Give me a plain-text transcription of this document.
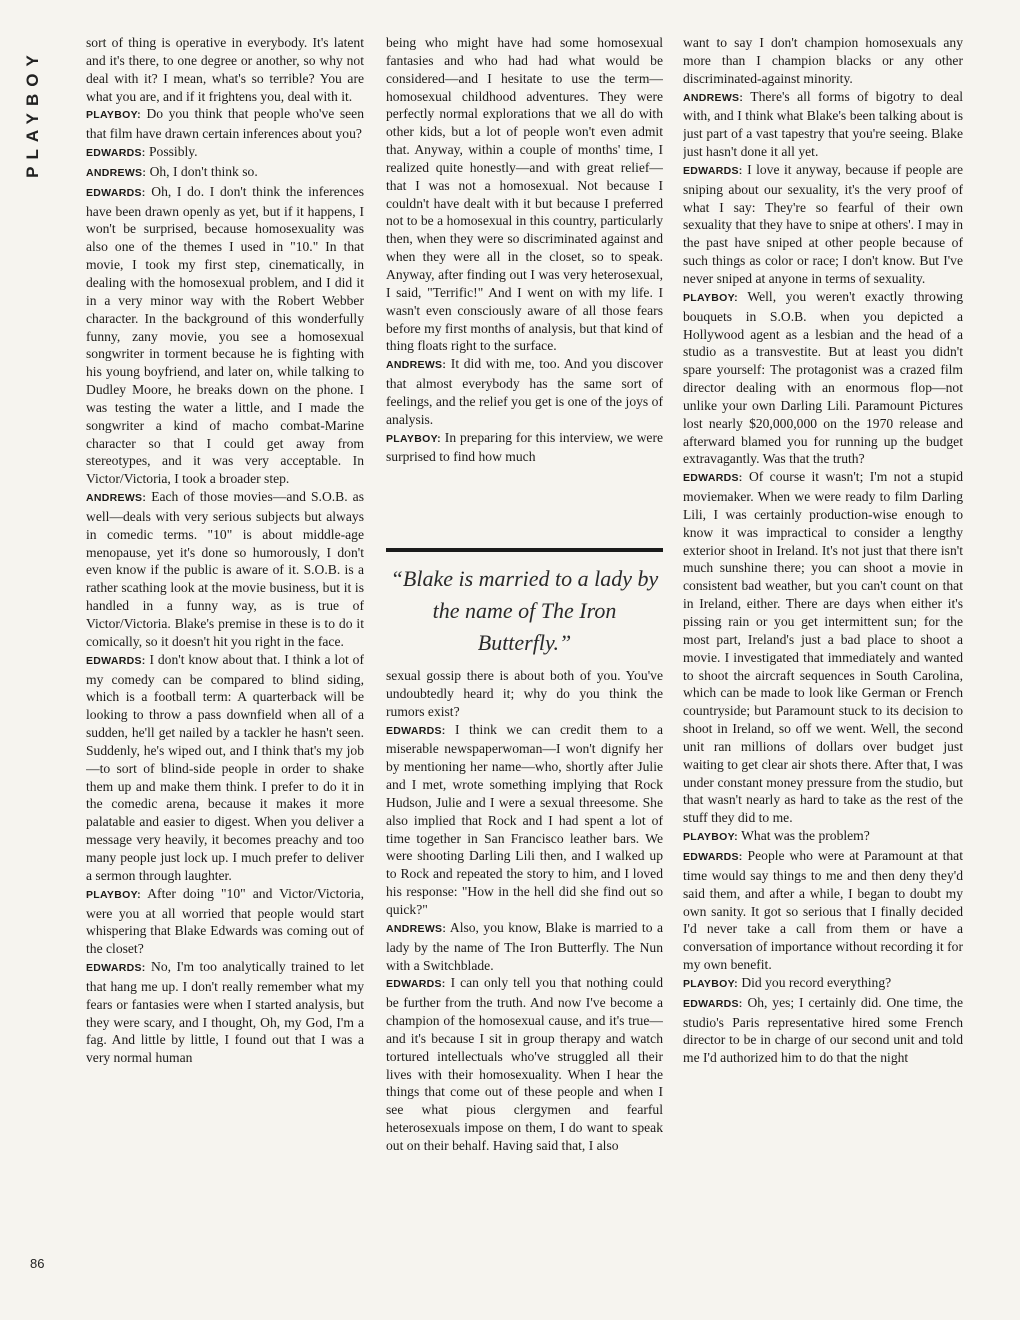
PLAYBOY

sort of thing is operative in everybody. It's latent and it's there, to one degree or another, so why not deal with it? I mean, what's so terrible? You are what you are, and if it frightens you, deal with it.

PLAYBOY: Do you think that people who've seen that film have drawn certain inferences about you?

EDWARDS: Possibly.

ANDREWS: Oh, I don't think so.

EDWARDS: Oh, I do. I don't think the inferences have been drawn openly as yet, but if it happens, I won't be surprised, because homosexuality was also one of the themes I used in "10." In that movie, I took my first step, cinematically, in dealing with the homosexual problem, and I did it in a very minor way with the Robert Webber character. In the background of this wonderfully funny, zany movie, you see a homosexual songwriter in torment because he is fighting with his young boyfriend, and later on, while talking to Dudley Moore, he breaks down on the phone. I was testing the water a little, and I made the songwriter a kind of macho combat-Marine character so that I could get away from stereotypes, and it was very acceptable. In Victor/Victoria, I took a broader step.

ANDREWS: Each of those movies—and S.O.B. as well—deals with very serious subjects but always in comedic terms. "10" is about middle-age menopause, yet it's done so humorously, I don't even know if the public is aware of it. S.O.B. is a rather scathing look at the movie business, but it is handled in a funny way, as is true of Victor/Victoria. Blake's premise in these is to do it comically, so it doesn't hit you right in the face.

EDWARDS: I don't know about that. I think a lot of my comedy can be compared to blind siding, which is a football term: A quarterback will be looking to throw a pass downfield when all of a sudden, he'll get nailed by a tackler he hasn't seen. Suddenly, he's wiped out, and I think that's my job—to sort of blind-side people in order to shake them up and make them think. I prefer to do it in the comedic arena, because it makes it more palatable and easier to digest. When you deliver a message very heavily, it becomes preachy and too many people just lock up. I much prefer to deliver a sermon through laughter.

PLAYBOY: After doing "10" and Victor/Victoria, were you at all worried that people would start whispering that Blake Edwards was coming out of the closet?

EDWARDS: No, I'm too analytically trained to let that hang me up. I don't really remember what my fears or fantasies were when I started analysis, but they were scary, and I thought, Oh, my God, I'm a fag. And little by little, I found out that I was a very normal human

being who might have had some homosexual fantasies and who had had what would be considered—and I hesitate to use the term—homosexual childhood adventures. They were perfectly normal explorations that we all do with other kids, but a lot of people won't even admit that. Anyway, within a couple of months' time, I realized quite honestly—and with great relief—that I was not a homosexual. Not because I couldn't have dealt with it but because I preferred not to be a homosexual in this country, particularly then, when they were so discriminated against and when they were all in the closet, so to speak. Anyway, after finding out I was very heterosexual, I said, "Terrific!" And I went on with my life. I wasn't even consciously aware of all those fears before my first months of analysis, but that kind of thing floats right to the surface.

ANDREWS: It did with me, too. And you discover that almost everybody has the same sort of feelings, and the relief you get is one of the joys of analysis.

PLAYBOY: In preparing for this interview, we were surprised to find how much

“Blake is married to a lady by the name of The Iron Butterfly.”

sexual gossip there is about both of you. You've undoubtedly heard it; why do you think the rumors exist?

EDWARDS: I think we can credit them to a miserable newspaperwoman—I won't dignify her by mentioning her name—who, shortly after Julie and I met, wrote something implying that Rock Hudson, Julie and I were a sexual threesome. She also implied that Rock and I had spent a lot of time together in San Francisco leather bars. We were shooting Darling Lili then, and I walked up to Rock and repeated the story to him, and I loved his response: "How in the hell did she find out so quick?"

ANDREWS: Also, you know, Blake is married to a lady by the name of The Iron Butterfly. The Nun with a Switchblade.

EDWARDS: I can only tell you that nothing could be further from the truth. And now I've become a champion of the homosexual cause, and it's true—and it's because I sit in group therapy and watch tortured intellectuals who've struggled all their lives with their homosexuality. When I hear the things that come out of these people and when I see what pious clergymen and fearful heterosexuals impose on them, I do want to speak out on their behalf. Having said that, I also

want to say I don't champion homosexuals any more than I champion blacks or any other discriminated-against minority.

ANDREWS: There's all forms of bigotry to deal with, and I think what Blake's been talking about is just part of a vast tapestry that you're seeing. Blake just hasn't done it all yet.

EDWARDS: I love it anyway, because if people are sniping about our sexuality, it's the very proof of what I say: They're so fearful of their own sexuality that they have to snipe at others'. I may in the past have sniped at other people because of such things as color or race; I don't know. But I've never sniped at anyone in terms of sexuality.

PLAYBOY: Well, you weren't exactly throwing bouquets in S.O.B. when you depicted a Hollywood agent as a lesbian and the head of a studio as a transvestite. But at least you didn't spare yourself: The protagonist was a crazed film director dealing with an enormous flop—not unlike your own Darling Lili. Paramount Pictures lost nearly $20,000,000 on the 1970 release and afterward blamed you for running up the budget extravagantly. Was that the truth?

EDWARDS: Of course it wasn't; I'm not a stupid moviemaker. When we were ready to film Darling Lili, I was certainly production-wise enough to know it was impractical to consider a lengthy exterior shoot in Ireland. It's not just that there isn't much sunshine there; you can shoot a movie in consistent bad weather, but you can't count on that in Ireland, either. There are days when either it's pissing rain or you get intermittent sun; for the most part, Ireland's just a bad place to shoot a movie. I investigated that immediately and wanted to shoot the aircraft sequences in South Carolina, which can be made to look like German or French countryside; but Paramount stuck to its decision to shoot in Ireland, so off we went. Well, the second unit ran millions of dollars over budget just waiting to get clear air shots there. After that, I was under constant money pressure from the studio, but that wasn't nearly as hard to take as the rest of the stuff they did to me.

PLAYBOY: What was the problem?

EDWARDS: People who were at Paramount at that time would say things to me and then deny they'd said them, and after a while, I began to doubt my own sanity. It got so serious that I finally decided I'd never take a call from them or have a conversation of importance without recording it for my own benefit.

PLAYBOY: Did you record everything?

EDWARDS: Oh, yes; I certainly did. One time, the studio's Paris representative hired some French director to be in charge of our second unit and told me I'd authorized him to do that the night

86
